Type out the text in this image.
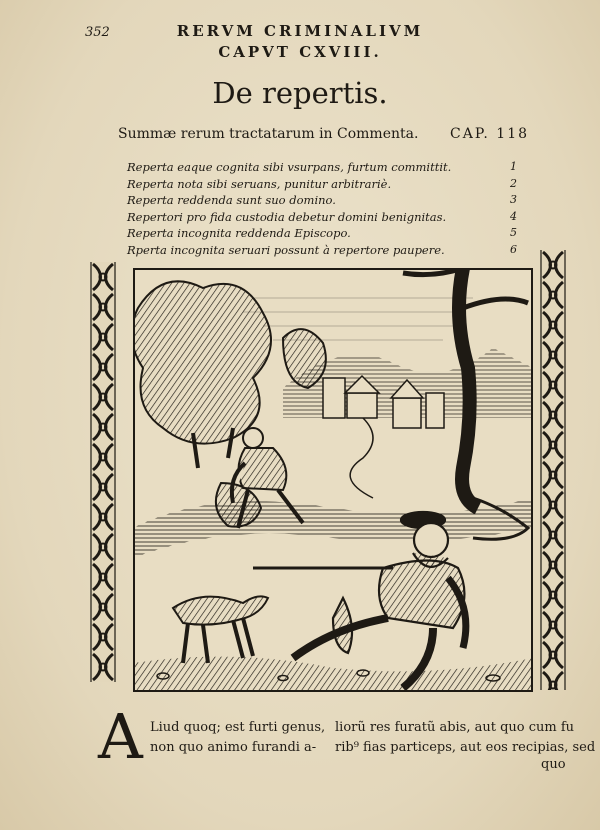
352	RERVM CRIMINALIVM
CAPVT CXVIII.
De repertis.
Summæ rerum tractatarum in Commenta. CAP. 118
Reperta eaque cognita sibi vsurpans, furtum committit.	1
Reperta nota sibi seruans, punitur arbitrariè.	2
Reperta reddenda sunt suo domino.	3
Repertori pro fida custodia debetur domini benignitas.	4
Reperta incognita reddenda Episcopo.	5
Rperta incognita seruari possunt à repertore paupere.	6
A Liud quoq; est furti genus,
non quo animo furandi a-
liorũ res furatũ abis, aut quo cum fu
rib⁹ fias particeps, aut eos recipias, sed
quo
